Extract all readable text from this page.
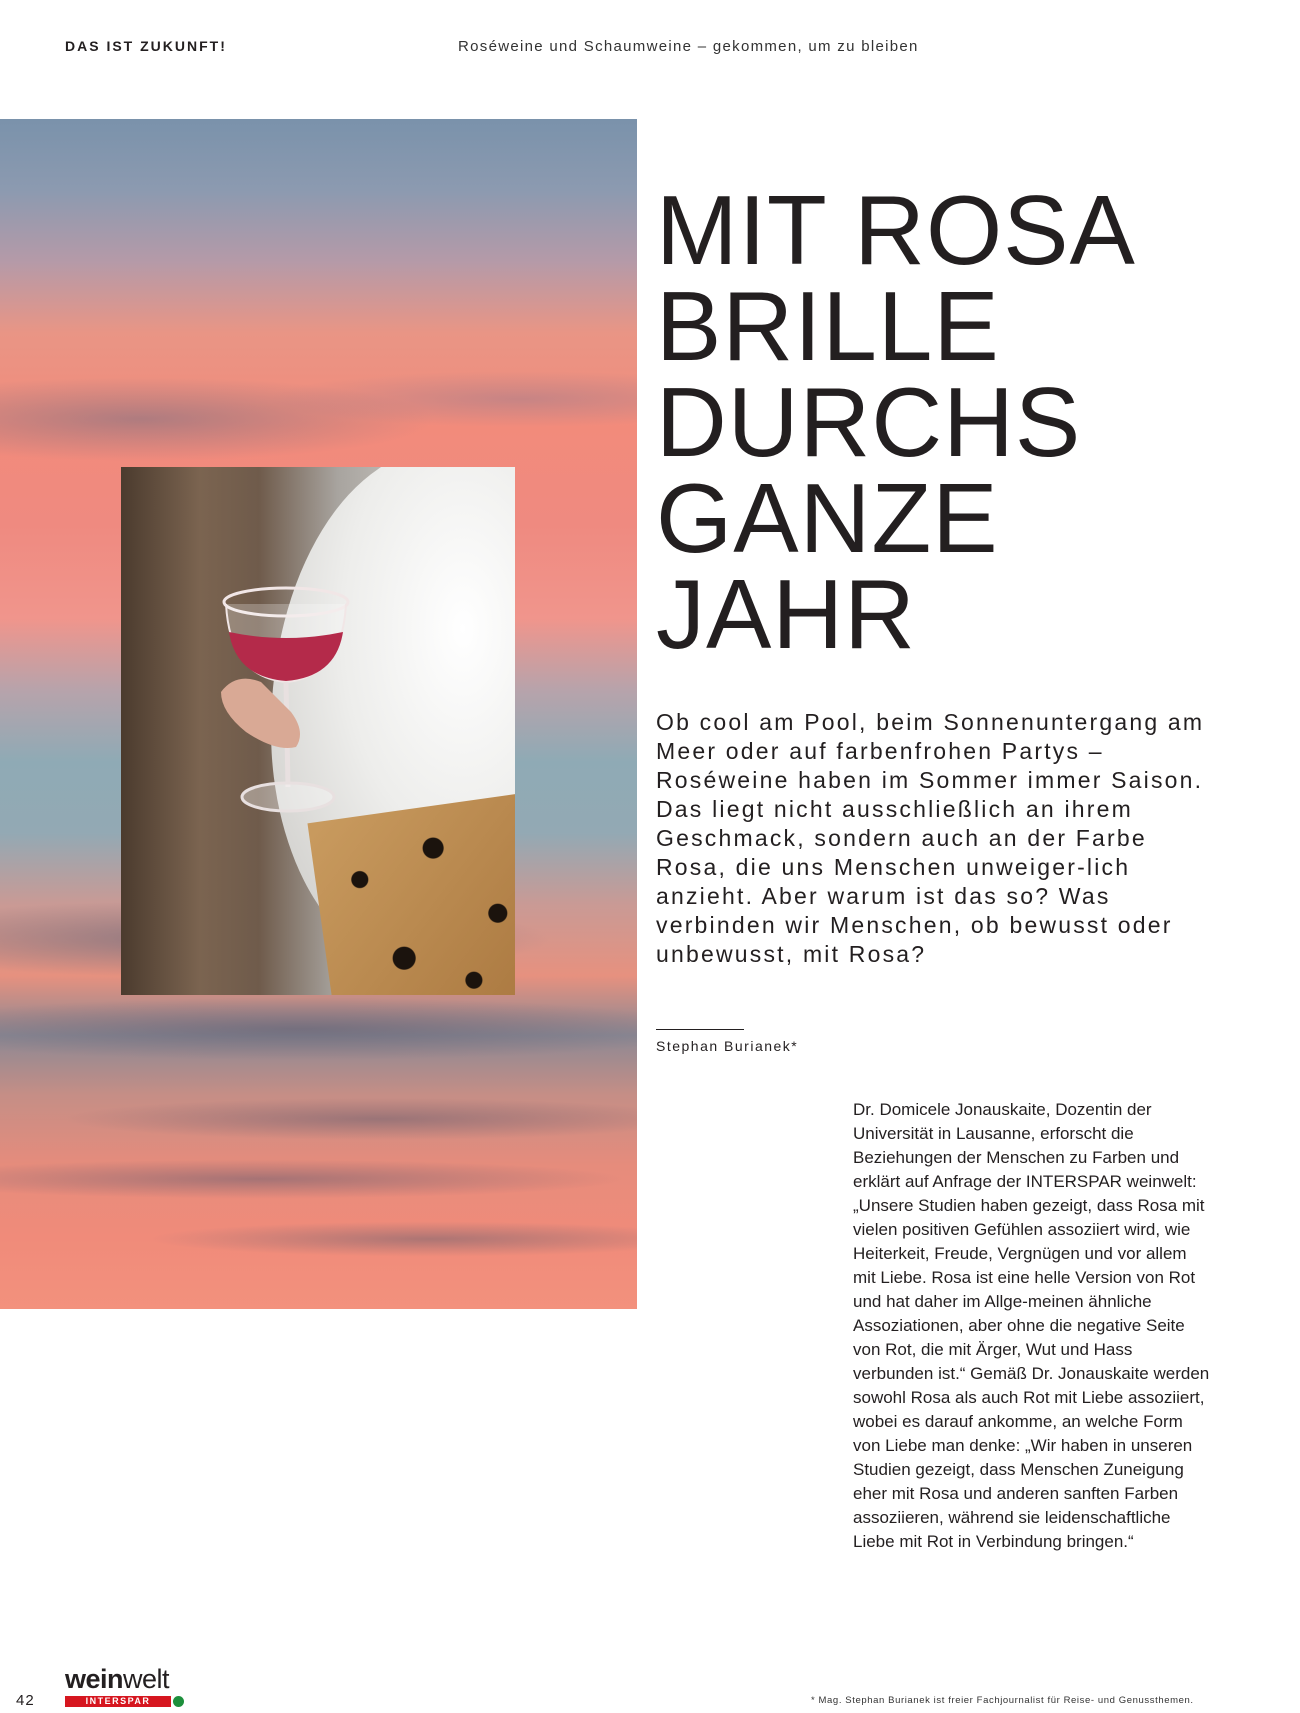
DAS IST ZUKUNFT!	Roséweine und Schaumweine – gekommen, um zu bleiben
MIT ROSA
BRILLE
DURCHS
GANZE
JAHR

Ob cool am Pool, beim Sonnenuntergang am Meer oder auf farbenfrohen Partys – Roséweine haben im Sommer immer Saison. Das liegt nicht ausschließlich an ihrem Geschmack, sondern auch an der Farbe Rosa, die uns Menschen unweiger-lich anzieht. Aber warum ist das so? Was verbinden wir Menschen, ob bewusst oder unbewusst, mit Rosa?

Stephan Burianek*

Dr. Domicele Jonauskaite, Dozentin der Universität in Lausanne, erforscht die Beziehungen der Menschen zu Farben und erklärt auf Anfrage der INTERSPAR weinwelt: „Unsere Studien haben gezeigt, dass Rosa mit vielen positiven Gefühlen assoziiert wird, wie Heiterkeit, Freude, Vergnügen und vor allem mit Liebe. Rosa ist eine helle Version von Rot und hat daher im Allge-meinen ähnliche Assoziationen, aber ohne die negative Seite von Rot, die mit Ärger, Wut und Hass verbunden ist.“ Gemäß Dr. Jonauskaite werden sowohl Rosa als auch Rot mit Liebe assoziiert, wobei es darauf ankomme, an welche Form von Liebe man denke: „Wir haben in unseren Studien gezeigt, dass Menschen Zuneigung eher mit Rosa und anderen sanften Farben assoziieren, während sie leidenschaftliche Liebe mit Rot in Verbindung bringen.“

42
weinwelt
INTERSPAR	* Mag. Stephan Burianek ist freier Fachjournalist für Reise- und Genussthemen.
